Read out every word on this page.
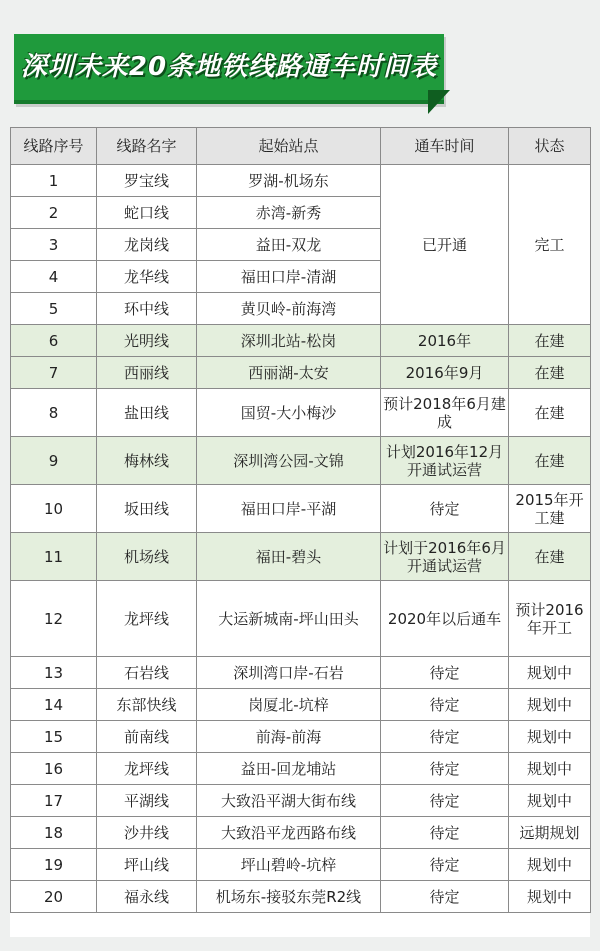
深圳未来20条地铁线路通车时间表
线路序号	线路名字	起始站点	通车时间	状态
1	罗宝线	罗湖-机场东	已开通	完工
2	蛇口线	赤湾-新秀		
3	龙岗线	益田-双龙		
4	龙华线	福田口岸-清湖		
5	环中线	黄贝岭-前海湾		
6	光明线	深圳北站-松岗	2016年	在建
7	西丽线	西丽湖-太安	2016年9月	在建
8	盐田线	国贸-大小梅沙	预计2018年6月建成	在建
9	梅林线	深圳湾公园-文锦	计划2016年12月开通试运营	在建
10	坂田线	福田口岸-平湖	待定	2015年开工建
11	机场线	福田-碧头	计划于2016年6月开通试运营	在建
12	龙坪线	大运新城南-坪山田头	2020年以后通车	预计2016年开工
13	石岩线	深圳湾口岸-石岩	待定	规划中
14	东部快线	岗厦北-坑梓	待定	规划中
15	前南线	前海-前海	待定	规划中
16	龙坪线	益田-回龙埔站	待定	规划中
17	平湖线	大致沿平湖大街布线	待定	规划中
18	沙井线	大致沿平龙西路布线	待定	远期规划
19	坪山线	坪山碧岭-坑梓	待定	规划中
20	福永线	机场东-接驳东莞R2线	待定	规划中
